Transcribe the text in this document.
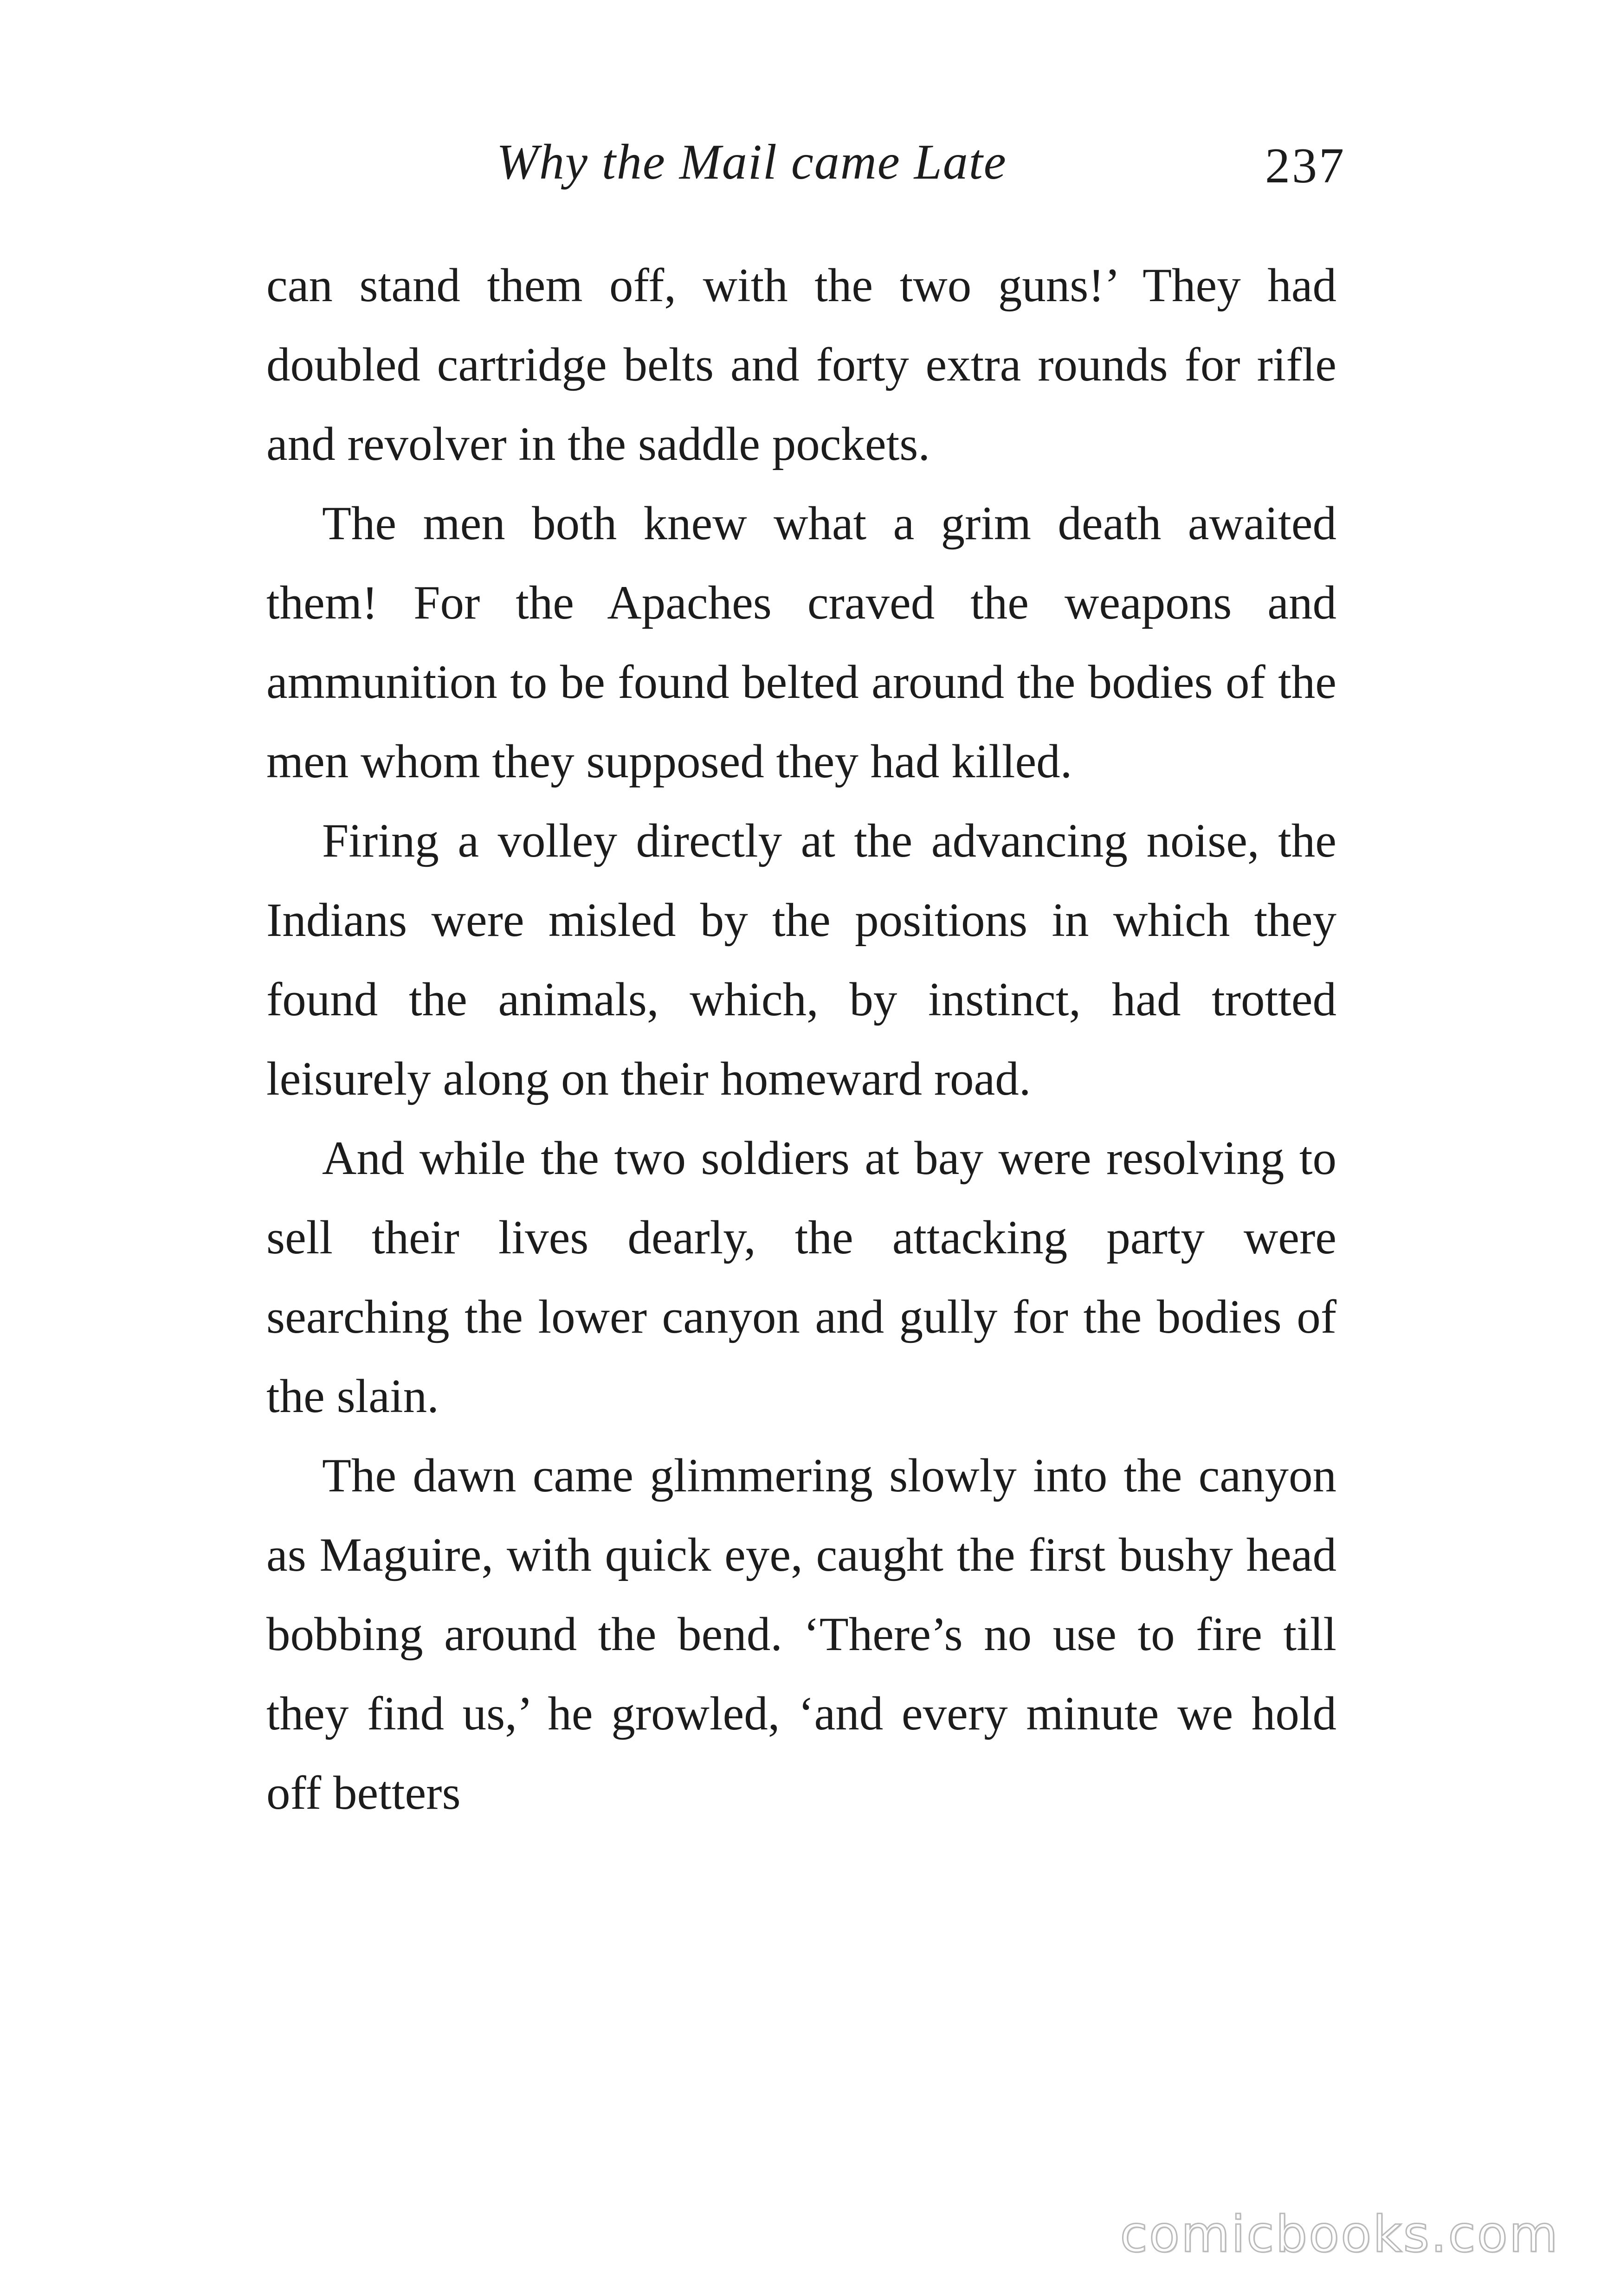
Why the Mail came Late	237

can stand them off, with the two guns!’ They had doubled cartridge belts and forty extra rounds for rifle and revolver in the saddle pockets.

The men both knew what a grim death awaited them! For the Apaches craved the weapons and ammunition to be found belted around the bodies of the men whom they supposed they had killed.

Firing a volley directly at the advancing noise, the Indians were misled by the positions in which they found the animals, which, by instinct, had trotted leisurely along on their homeward road.

And while the two soldiers at bay were resolving to sell their lives dearly, the attacking party were searching the lower canyon and gully for the bodies of the slain.

The dawn came glimmering slowly into the canyon as Maguire, with quick eye, caught the first bushy head bobbing around the bend. ‘There’s no use to fire till they find us,’ he growled, ‘and every minute we hold off betters

comicbooks.com
